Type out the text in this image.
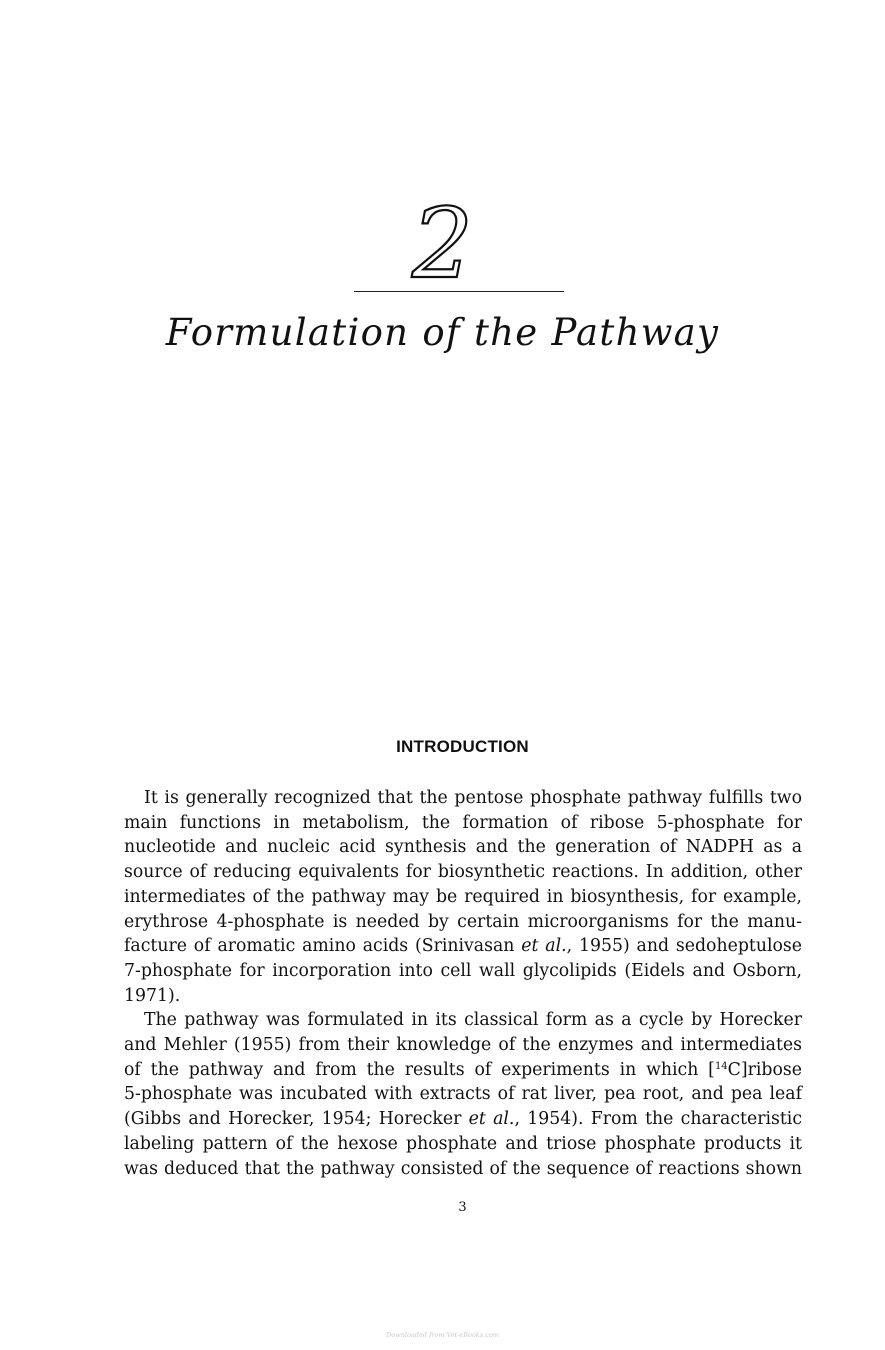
2
Formulation of the Pathway
INTRODUCTION
It is generally recognized that the pentose phosphate pathway fulfills two
main functions in metabolism, the formation of ribose 5-phosphate for
nucleotide and nucleic acid synthesis and the generation of NADPH as a
source of reducing equivalents for biosynthetic reactions. In addition, other
intermediates of the pathway may be required in biosynthesis, for example,
erythrose 4-phosphate is needed by certain microorganisms for the manu-
facture of aromatic amino acids (Srinivasan et al., 1955) and sedoheptulose
7-phosphate for incorporation into cell wall glycolipids (Eidels and Osborn,
1971).
The pathway was formulated in its classical form as a cycle by Horecker
and Mehler (1955) from their knowledge of the enzymes and intermediates
of the pathway and from the results of experiments in which [$^{14}$C]ribose
5-phosphate was incubated with extracts of rat liver, pea root, and pea leaf
(Gibbs and Horecker, 1954; Horecker et al., 1954). From the characteristic
labeling pattern of the hexose phosphate and triose phosphate products it
was deduced that the pathway consisted of the sequence of reactions shown
3
Downloaded from Vet-eBooks.com
